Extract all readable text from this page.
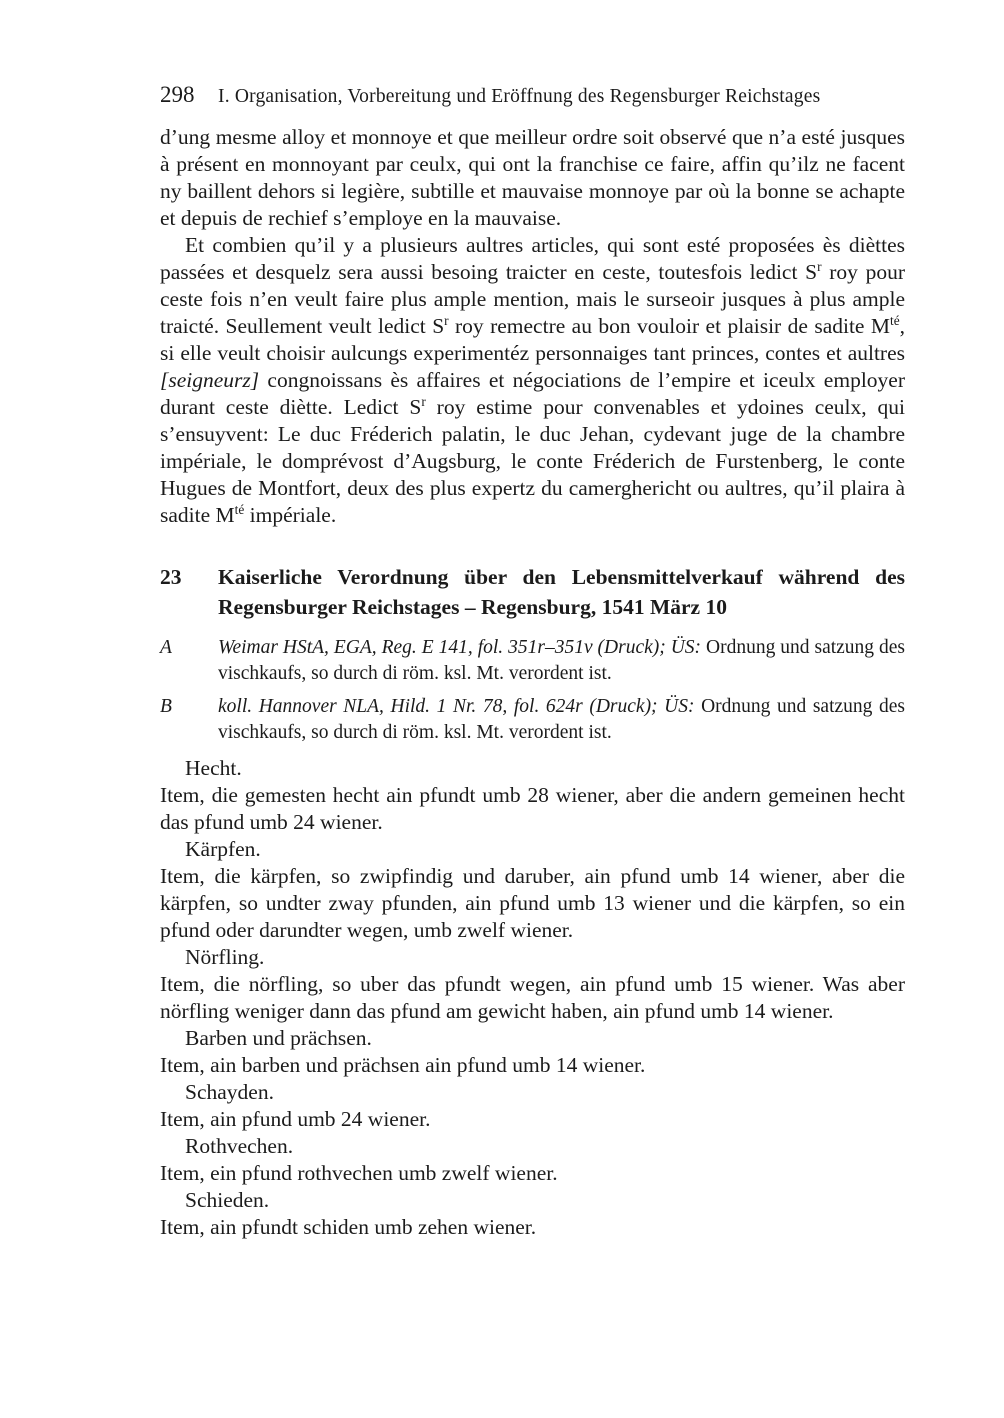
298	I. Organisation, Vorbereitung und Eröffnung des Regensburger Reichstages

d’ung mesme alloy et monnoye et que meilleur ordre soit observé que n’a esté jusques à présent en monnoyant par ceulx, qui ont la franchise ce faire, affin qu’ilz ne facent ny baillent dehors si legière, subtille et mauvaise monnoye par où la bonne se achapte et depuis de rechief s’employe en la mauvaise.

Et combien qu’il y a plusieurs aultres articles, qui sont esté proposées ès dièttes passées et desquelz sera aussi besoing traicter en ceste, toutesfois ledict $S^r$ roy pour ceste fois n’en veult faire plus ample mention, mais le surseoir jusques à plus ample traicté. Seullement veult ledict $S^r$ roy remectre au bon vouloir et plaisir de sadite $M^{té}$, si elle veult choisir aulcungs experimentéz personnaiges tant princes, contes et aultres [seigneurz] congnoissans ès affaires et négociations de l’empire et iceulx employer durant ceste diètte. Ledict $S^r$ roy estime pour convenables et ydoines ceulx, qui s’ensuyvent: Le duc Fréderich palatin, le duc Jehan, cydevant juge de la chambre impériale, le domprévost d’Augsburg, le conte Fréderich de Furstenberg, le conte Hugues de Montfort, deux des plus expertz du camerghericht ou aultres, qu’il plaira à sadite $M^{té}$ impériale.

23	Kaiserliche Verordnung über den Lebensmittelverkauf während des Regensburger Reichstages – Regensburg, 1541 März 10
A	Weimar HStA, EGA, Reg. E 141, fol. 351r–351v (Druck); ÜS: Ordnung und satzung des vischkaufs, so durch di röm. ksl. Mt. verordent ist.
B	koll. Hannover NLA, Hild. 1 Nr. 78, fol. 624r (Druck); ÜS: Ordnung und satzung des vischkaufs, so durch di röm. ksl. Mt. verordent ist.

Hecht.

Item, die gemesten hecht ain pfundt umb 28 wiener, aber die andern gemeinen hecht das pfund umb 24 wiener.

Kärpfen.

Item, die kärpfen, so zwipfindig und daruber, ain pfund umb 14 wiener, aber die kärpfen, so undter zway pfunden, ain pfund umb 13 wiener und die kärpfen, so ein pfund oder darundter wegen, umb zwelf wiener.

Nörfling.

Item, die nörfling, so uber das pfundt wegen, ain pfund umb 15 wiener. Was aber nörfling weniger dann das pfund am gewicht haben, ain pfund umb 14 wiener.

Barben und prächsen.

Item, ain barben und prächsen ain pfund umb 14 wiener.

Schayden.

Item, ain pfund umb 24 wiener.

Rothvechen.

Item, ein pfund rothvechen umb zwelf wiener.

Schieden.

Item, ain pfundt schiden umb zehen wiener.
